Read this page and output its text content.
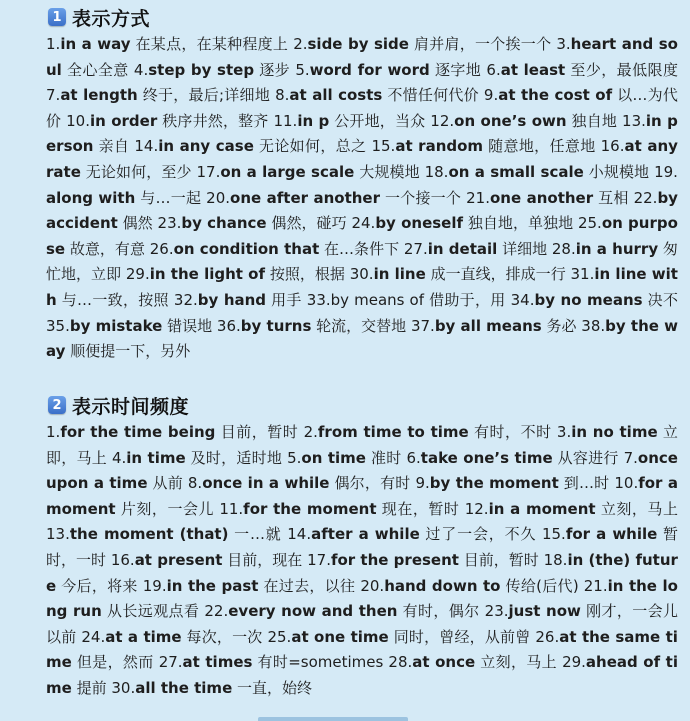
1 表示方式

1.in a way 在某点，在某种程度上 2.side by side 肩并肩，一个挨一个 3.heart and soul 全心全意 4.step by step 逐步 5.word for word 逐字地 6.at least 至少，最低限度 7.at length 终于，最后;详细地 8.at all costs 不惜任何代价 9.at the cost of 以…为代价 10.in order 秩序井然，整齐 11.in p 公开地，当众 12.on one’s own 独自地 13.in person 亲自 14.in any case 无论如何，总之 15.at random 随意地，任意地 16.at any rate 无论如何，至少 17.on a large scale 大规模地 18.on a small scale 小规模地 19.along with 与…一起 20.one after another 一个接一个 21.one another 互相 22.by accident 偶然 23.by chance 偶然，碰巧 24.by oneself 独自地，单独地 25.on purpose 故意，有意 26.on condition that 在…条件下 27.in detail 详细地 28.in a hurry 匆忙地，立即 29.in the light of 按照，根据 30.in line 成一直线，排成一行 31.in line with 与…一致，按照 32.by hand 用手 33.by means of 借助于，用 34.by no means 决不 35.by mistake 错误地 36.by turns 轮流，交替地 37.by all means 务必 38.by the way 顺便提一下，另外

2 表示时间频度

1.for the time being 目前，暂时 2.from time to time 有时，不时 3.in no time 立即，马上 4.in time 及时，适时地 5.on time 准时 6.take one’s time 从容进行 7.once upon a time 从前 8.once in a while 偶尔，有时 9.by the moment 到…时 10.for a moment 片刻，一会儿 11.for the moment 现在，暂时 12.in a moment 立刻，马上 13.the moment (that) 一…就 14.after a while 过了一会，不久 15.for a while 暂时，一时 16.at present 目前，现在 17.for the present 目前，暂时 18.in (the) future 今后，将来 19.in the past 在过去，以往 20.hand down to 传给(后代) 21.in the long run 从长远观点看 22.every now and then 有时，偶尔 23.just now 刚才，一会儿以前 24.at a time 每次，一次 25.at one time 同时，曾经，从前曾 26.at the same time 但是，然而 27.at times 有时=sometimes 28.at once 立刻，马上 29.ahead of time 提前 30.all the time 一直，始终
